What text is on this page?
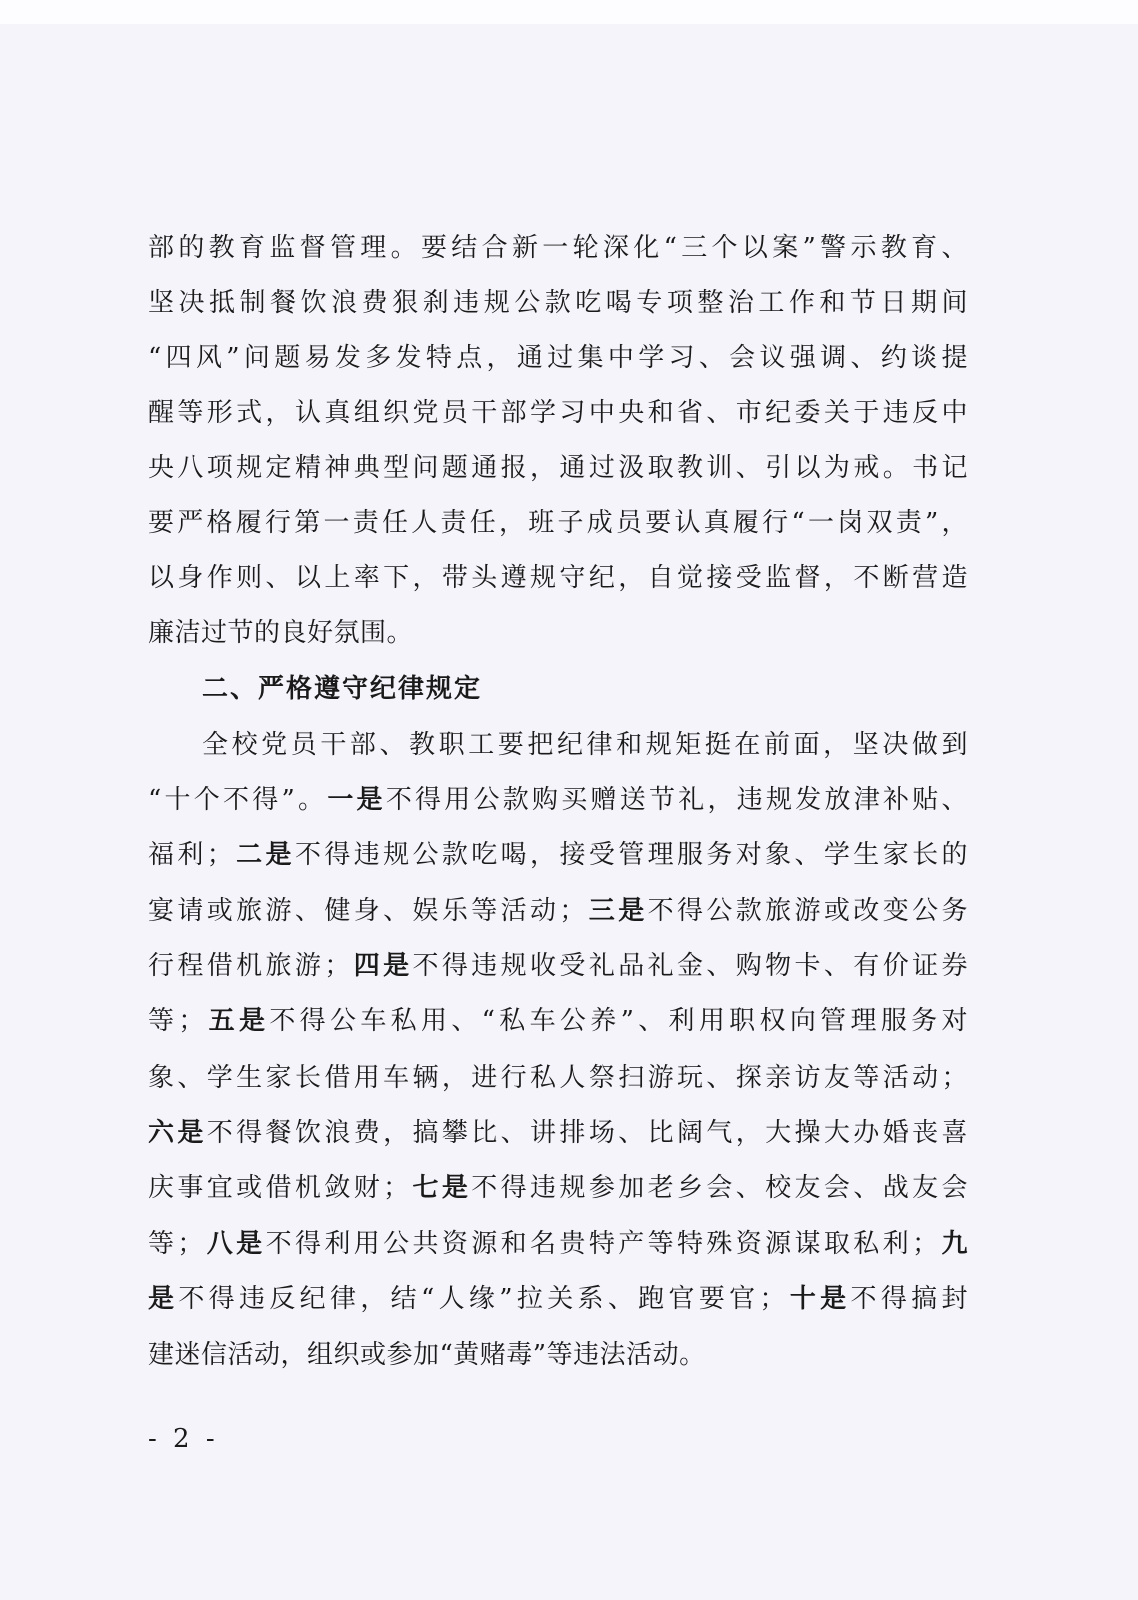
- 2 -
部的教育监督管理。要结合新一轮深化“三个以案”警示教育、
坚决抵制餐饮浪费狠刹违规公款吃喝专项整治工作和节日期间
“四风”问题易发多发特点，通过集中学习、会议强调、约谈提
醒等形式，认真组织党员干部学习中央和省、市纪委关于违反中
央八项规定精神典型问题通报，通过汲取教训、引以为戒。书记
要严格履行第一责任人责任，班子成员要认真履行“一岗双责”，
以身作则、以上率下，带头遵规守纪，自觉接受监督，不断营造
廉洁过节的良好氛围。
二、严格遵守纪律规定
全校党员干部、教职工要把纪律和规矩挺在前面，坚决做到
“十个不得”。一是不得用公款购买赠送节礼，违规发放津补贴、
福利；二是不得违规公款吃喝，接受管理服务对象、学生家长的
宴请或旅游、健身、娱乐等活动；三是不得公款旅游或改变公务
行程借机旅游；四是不得违规收受礼品礼金、购物卡、有价证券
等；五是不得公车私用、“私车公养”、利用职权向管理服务对
象、学生家长借用车辆，进行私人祭扫游玩、探亲访友等活动；
六是不得餐饮浪费，搞攀比、讲排场、比阔气，大操大办婚丧喜
庆事宜或借机敛财；七是不得违规参加老乡会、校友会、战友会
等；八是不得利用公共资源和名贵特产等特殊资源谋取私利；九
是不得违反纪律，结“人缘”拉关系、跑官要官；十是不得搞封
建迷信活动，组织或参加“黄赌毒”等违法活动。
